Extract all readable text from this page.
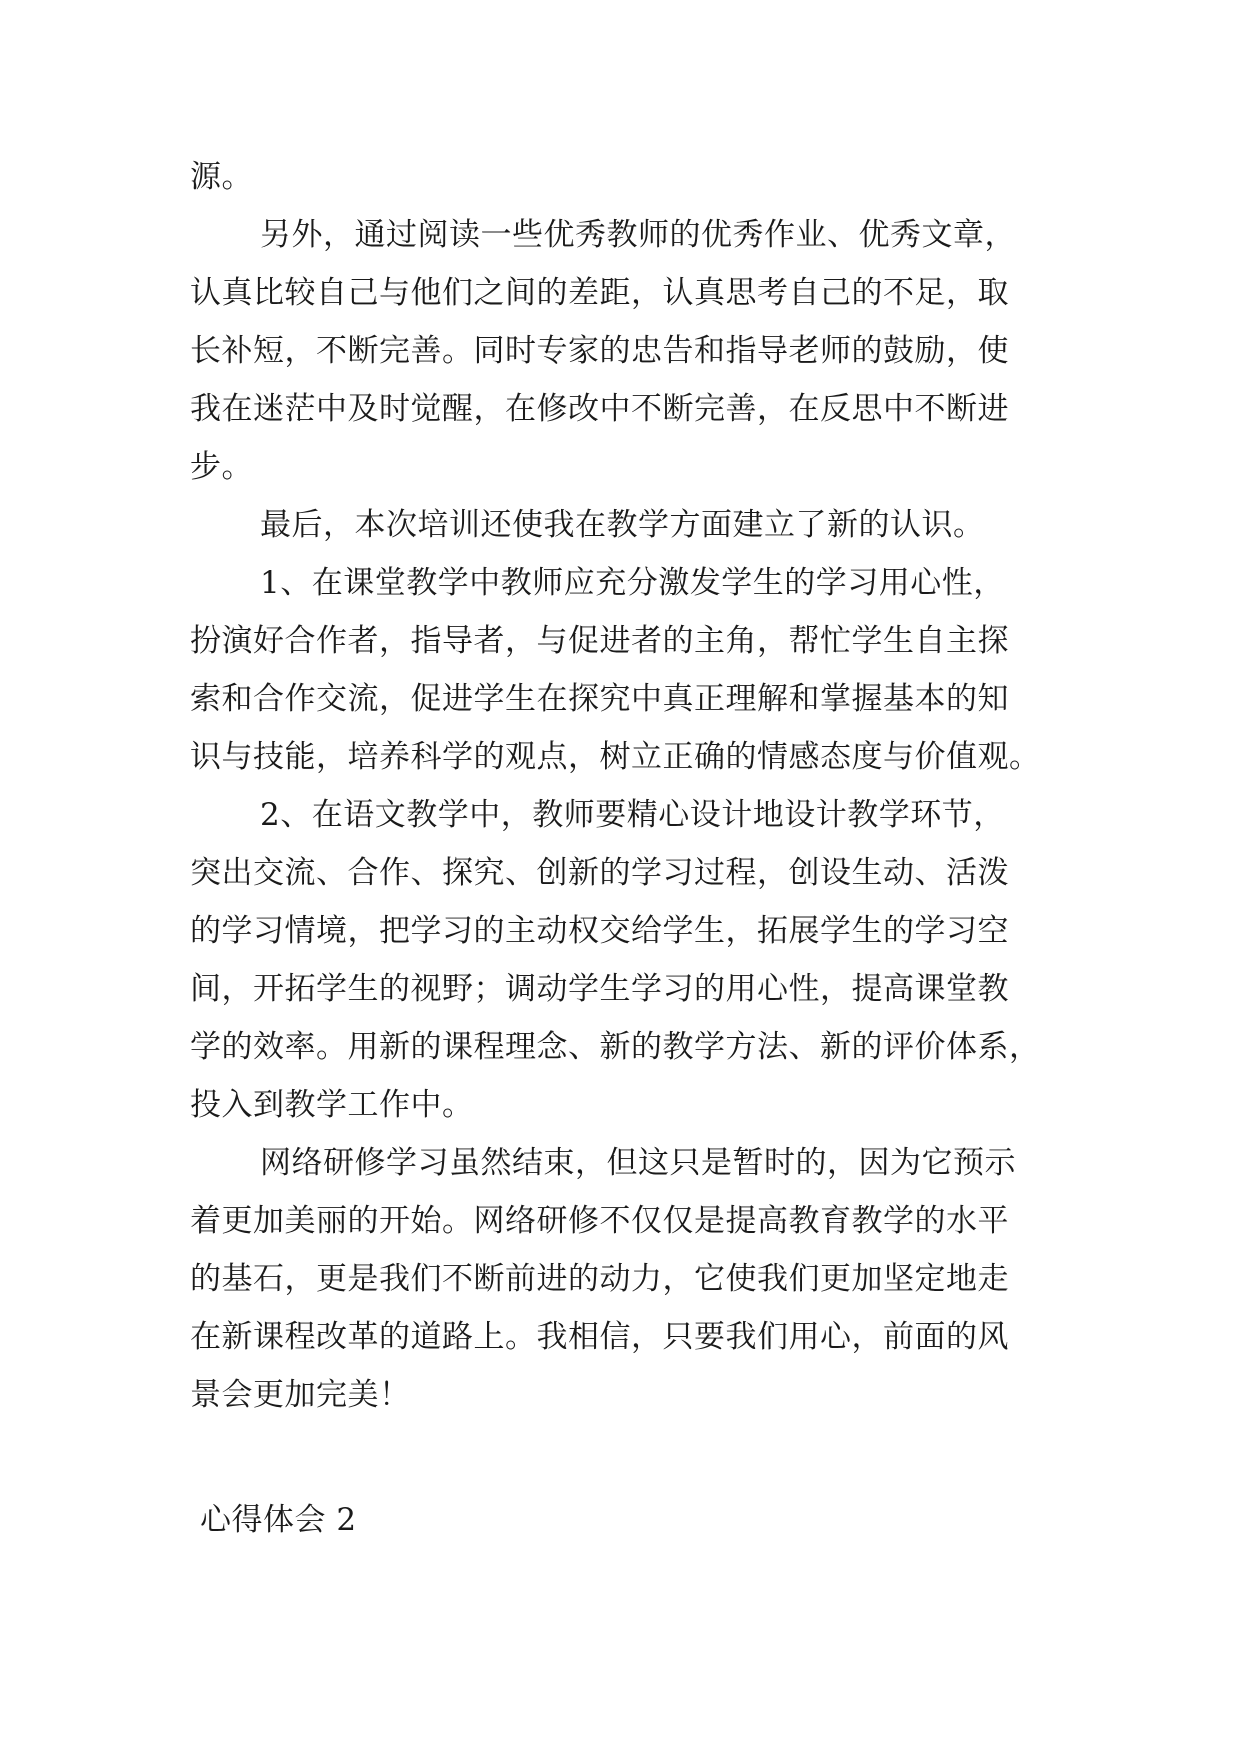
源。
另外，通过阅读一些优秀教师的优秀作业、优秀文章，
认真比较自己与他们之间的差距，认真思考自己的不足，取
长补短，不断完善。同时专家的忠告和指导老师的鼓励，使
我在迷茫中及时觉醒，在修改中不断完善，在反思中不断进
步。
最后，本次培训还使我在教学方面建立了新的认识。
1、在课堂教学中教师应充分激发学生的学习用心性，
扮演好合作者，指导者，与促进者的主角，帮忙学生自主探
索和合作交流，促进学生在探究中真正理解和掌握基本的知
识与技能，培养科学的观点，树立正确的情感态度与价值观。
2、在语文教学中，教师要精心设计地设计教学环节，
突出交流、合作、探究、创新的学习过程，创设生动、活泼
的学习情境，把学习的主动权交给学生，拓展学生的学习空
间，开拓学生的视野；调动学生学习的用心性，提高课堂教
学的效率。用新的课程理念、新的教学方法、新的评价体系，
投入到教学工作中。
网络研修学习虽然结束，但这只是暂时的，因为它预示
着更加美丽的开始。网络研修不仅仅是提高教育教学的水平
的基石，更是我们不断前进的动力，它使我们更加坚定地走
在新课程改革的道路上。我相信，只要我们用心，前面的风
景会更加完美！
心得体会 2
